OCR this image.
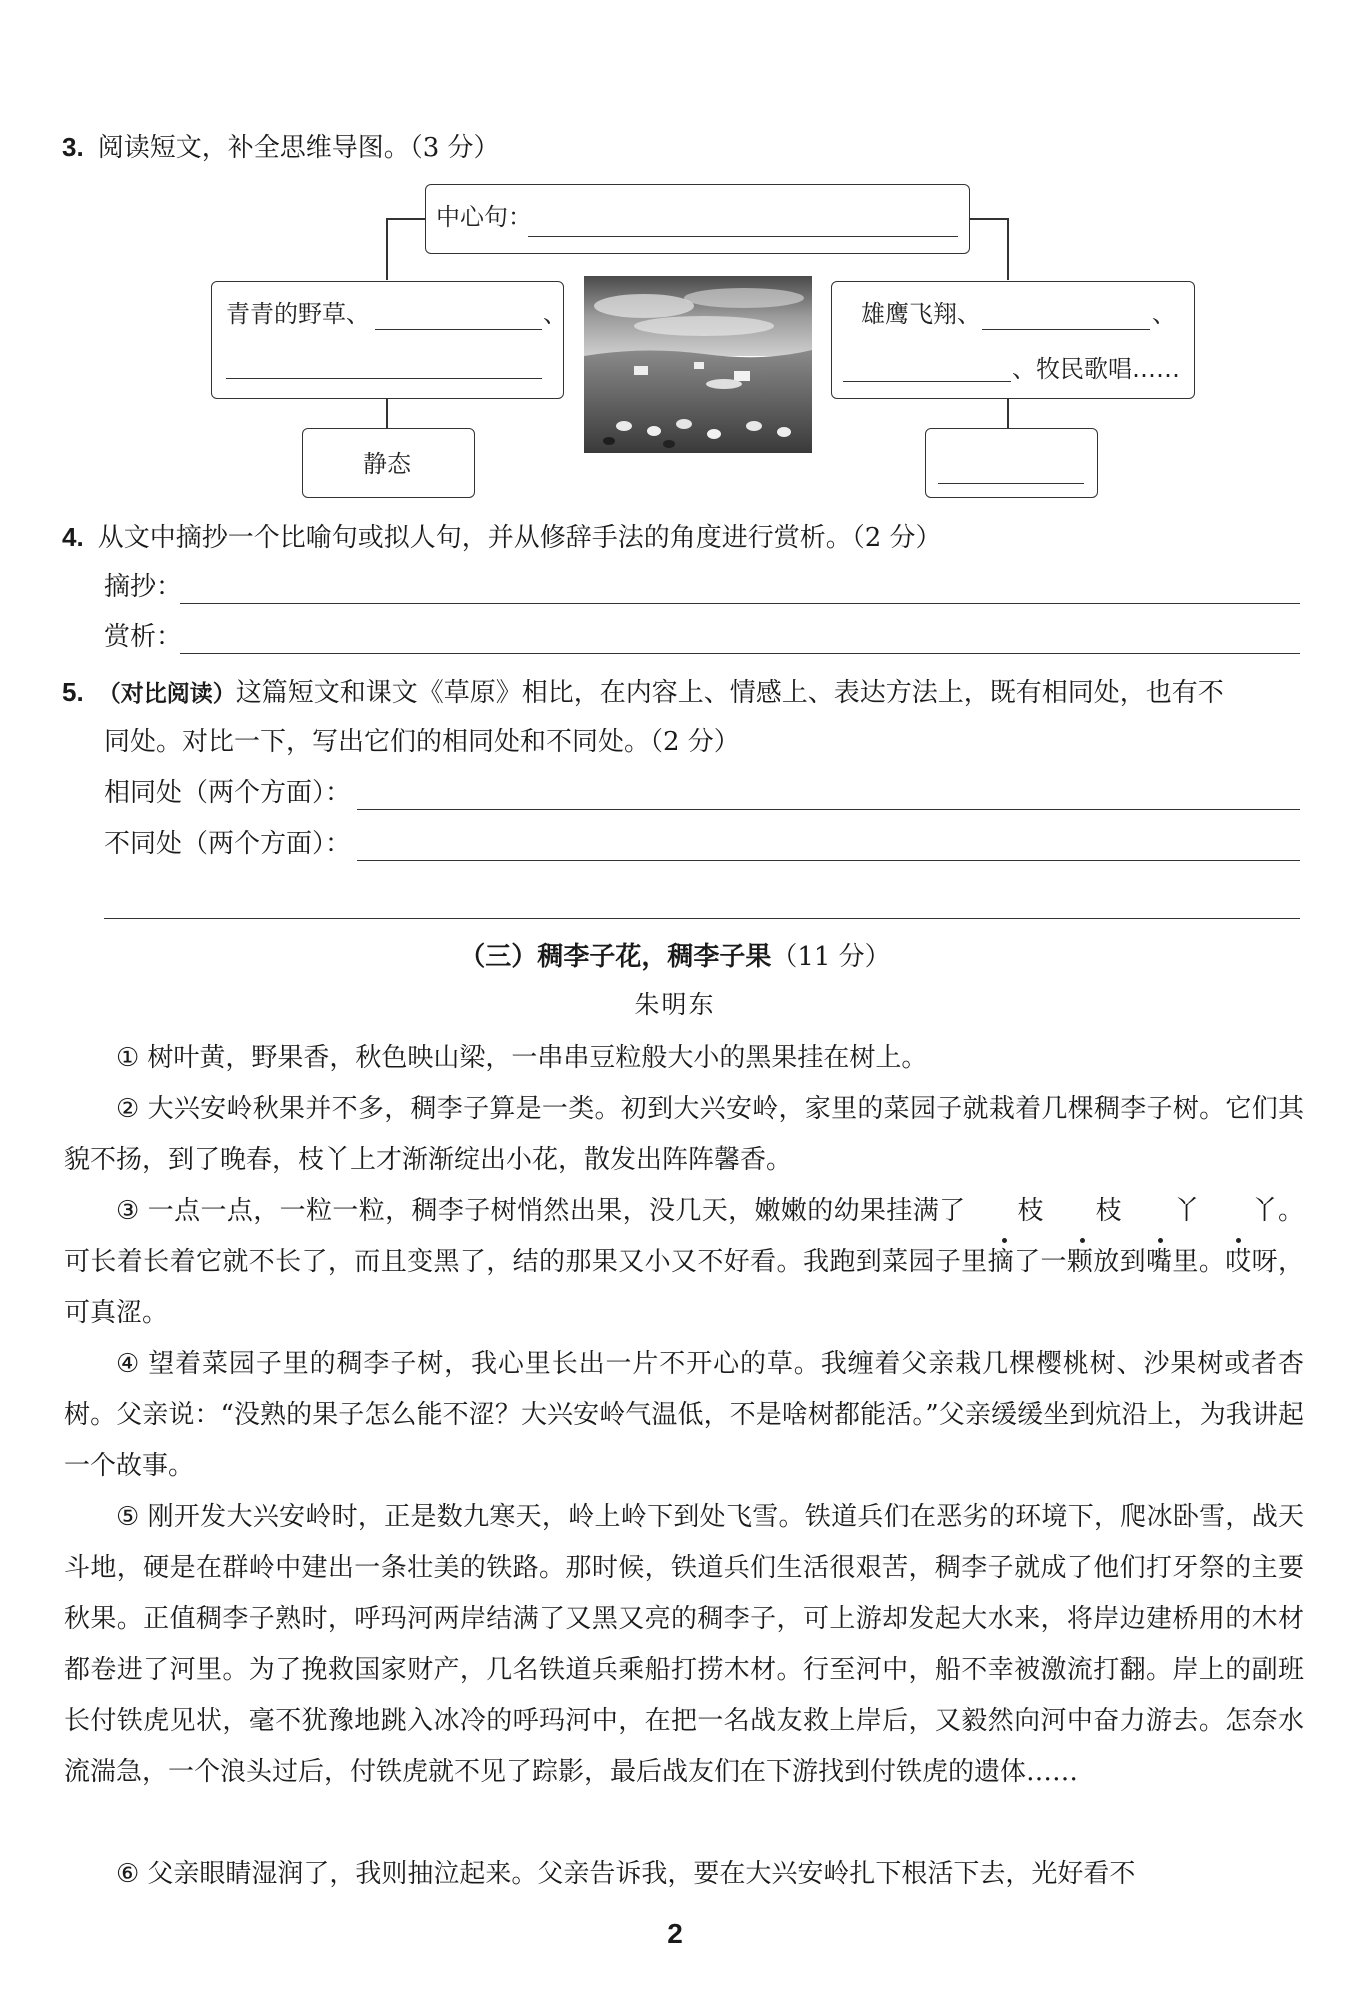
3. 阅读短文，补全思维导图。（3 分）
中心句：
青青的野草、	、	雄鹰飞翔、	、
、牧民歌唱……
静态
4. 从文中摘抄一个比喻句或拟人句，并从修辞手法的角度进行赏析。（2 分）
摘抄：
赏析：
5. （对比阅读）这篇短文和课文《草原》相比，在内容上、情感上、表达方法上，既有相同处，也有不
同处。对比一下，写出它们的相同处和不同处。（2 分）
相同处（两个方面）：
不同处（两个方面）：
（三）稠李子花，稠李子果（11 分）
朱明东
① 树叶黄，野果香，秋色映山梁，一串串豆粒般大小的黑果挂在树上。
② 大兴安岭秋果并不多，稠李子算是一类。初到大兴安岭，家里的菜园子就栽着几棵稠李子树。它们其貌不扬，到了晚春，枝丫上才渐渐绽出小花，散发出阵阵馨香。
③ 一点一点，一粒一粒，稠李子树悄然出果，没几天，嫩嫩的幼果挂满了 枝 枝 丫 丫。可长着长着它就不长了，而且变黑了，结的那果又小又不好看。我跑到菜园子里摘了一颗放到嘴里。哎呀，可真涩。
④ 望着菜园子里的稠李子树，我心里长出一片不开心的草。我缠着父亲栽几棵樱桃树、沙果树或者杏树。父亲说：“没熟的果子怎么能不涩？大兴安岭气温低，不是啥树都能活。”父亲缓缓坐到炕沿上，为我讲起一个故事。
⑤ 刚开发大兴安岭时，正是数九寒天，岭上岭下到处飞雪。铁道兵们在恶劣的环境下，爬冰卧雪，战天斗地，硬是在群岭中建出一条壮美的铁路。那时候，铁道兵们生活很艰苦，稠李子就成了他们打牙祭的主要秋果。正值稠李子熟时，呼玛河两岸结满了又黑又亮的稠李子，可上游却发起大水来，将岸边建桥用的木材都卷进了河里。为了挽救国家财产，几名铁道兵乘船打捞木材。行至河中，船不幸被激流打翻。岸上的副班长付铁虎见状，毫不犹豫地跳入冰冷的呼玛河中，在把一名战友救上岸后，又毅然向河中奋力游去。怎奈水流湍急，一个浪头过后，付铁虎就不见了踪影，最后战友们在下游找到付铁虎的遗体……
⑥ 父亲眼睛湿润了，我则抽泣起来。父亲告诉我，要在大兴安岭扎下根活下去，光好看不
2
